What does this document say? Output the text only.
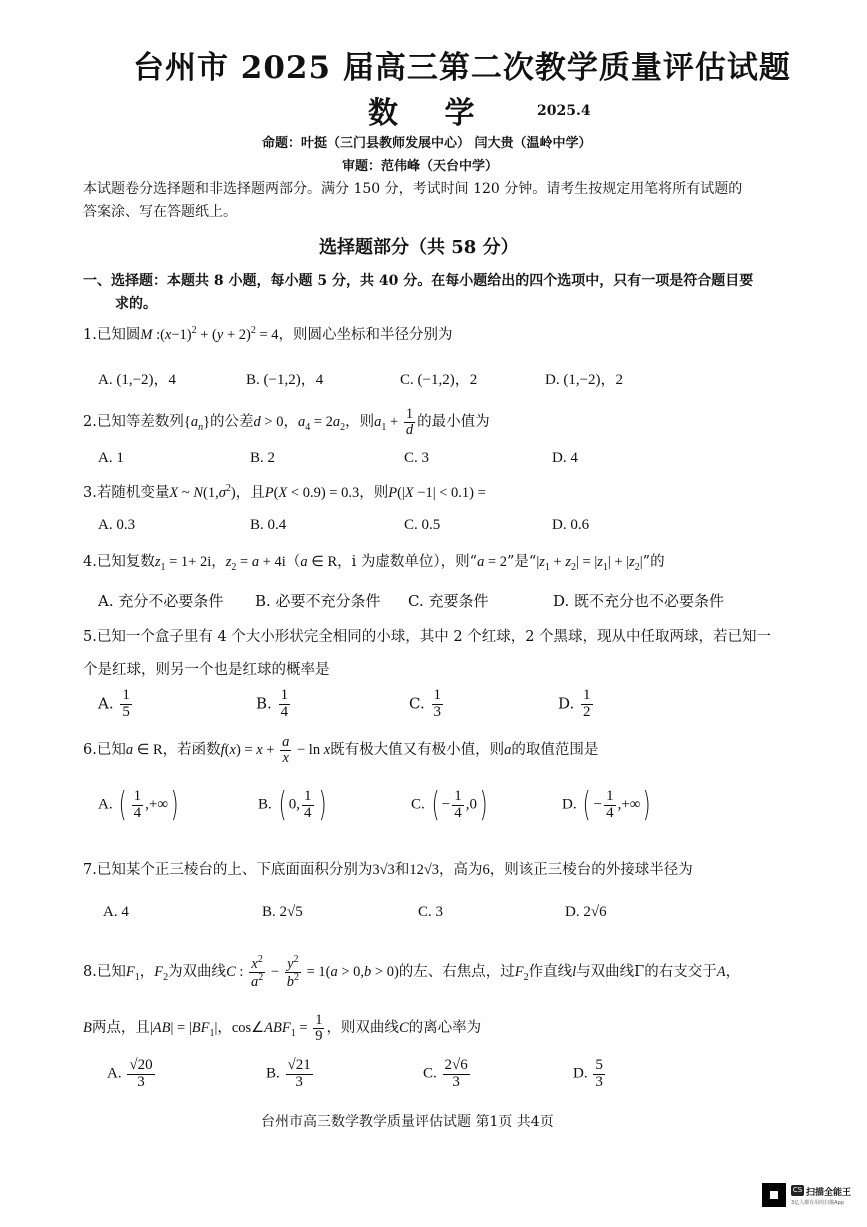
台州市 2025 届高三第二次教学质量评估试题
数 学	2025.4
命题：叶挺（三门县教师发展中心） 闫大贵（温岭中学）
审题：范伟峰（天台中学）
本试题卷分选择题和非选择题两部分。满分 150 分，考试时间 120 分钟。请考生按规定用笔将所有试题的
答案涂、写在答题纸上。
选择题部分（共 58 分）
一、选择题：本题共 8 小题，每小题 5 分，共 40 分。在每小题给出的四个选项中，只有一项是符合题目要
求的。
1.已知圆M $:(x-1)^2 + (y + 2)^2 = 4$，则圆心坐标和半径分别为
A. (1,−2)，4	B. (−1,2)，4	C. (−1,2)，2	D. (1,−2)，2
2.已知等差数列$\{a_n\}$的公差d > 0，$a_4 = 2a_2$，则$a_1 + \frac{1}{d}$ 的最小值为
A. 1	B. 2	C. 3	D. 4
3.若随机变量X ~ $N(1,\sigma^2)$，且P(X < 0.9) = 0.3，则P(|X −1| < 0.1) =
A. 0.3	B. 0.4	C. 0.5	D. 0.6
4.已知复数$z_1 = 1+ 2i$，$z_2 = a + 4i(a$ ∈ R，i 为虚数单位），则“a = 2”是“$|z_1 + z_2| = |z_1| + |z_2|$”的
A. 充分不必要条件 B. 必要不充分条件 C. 充要条件	D. 既不充分也不必要条件
5.已知一个盒子里有 4 个大小形状完全相同的小球，其中 2 个红球，2 个黑球，现从中任取两球，若已知一
个是红球，则另一个也是红球的概率是
A. $\frac{1}{5}$	B. $\frac{1}{4}$	C. $\frac{1}{3}$	D. $\frac{1}{2}$
6.已知a ∈ R，若函数$f(x) = x + \frac{a}{x} - \ln x$既有极大值又有极小值，则a的取值范围是
A. ( $\frac{1}{4}$ ,+∞)	B. ( 0, $\frac{1}{4}$ )	C. ( − $\frac{1}{4} ,0$)	D. ( − $\frac{1}{4}$ ,+∞)
7.已知某个正三棱台的上、下底面面积分别为3√3和12√3，高为6，则该正三棱台的外接球半径为
A. 4	B. 2√5	C. 3	D. 2√6
8.已知$F_1$，$F_2$为双曲线C : $\frac{x^2}{a^2} - \frac{y^2}{b^2} = 1(a > 0,b > 0)$的左、右焦点，过$F_2$作直线l与双曲线Γ的右支交于A，
B两点，且$|AB| = |BF_1|$，$\cos\angle ABF_1 = \frac{1}{9}$ ，则双曲线C的离心率为
A. $\frac{√20}{3}$	B. $\frac{√21}{3}$	C. $\frac{2√6}{3}$	D. $\frac{5}{3}$
台州市高三数学教学质量评估试题 第1页 共4页
CS 扫描全能王
3亿人都在用的扫描App
